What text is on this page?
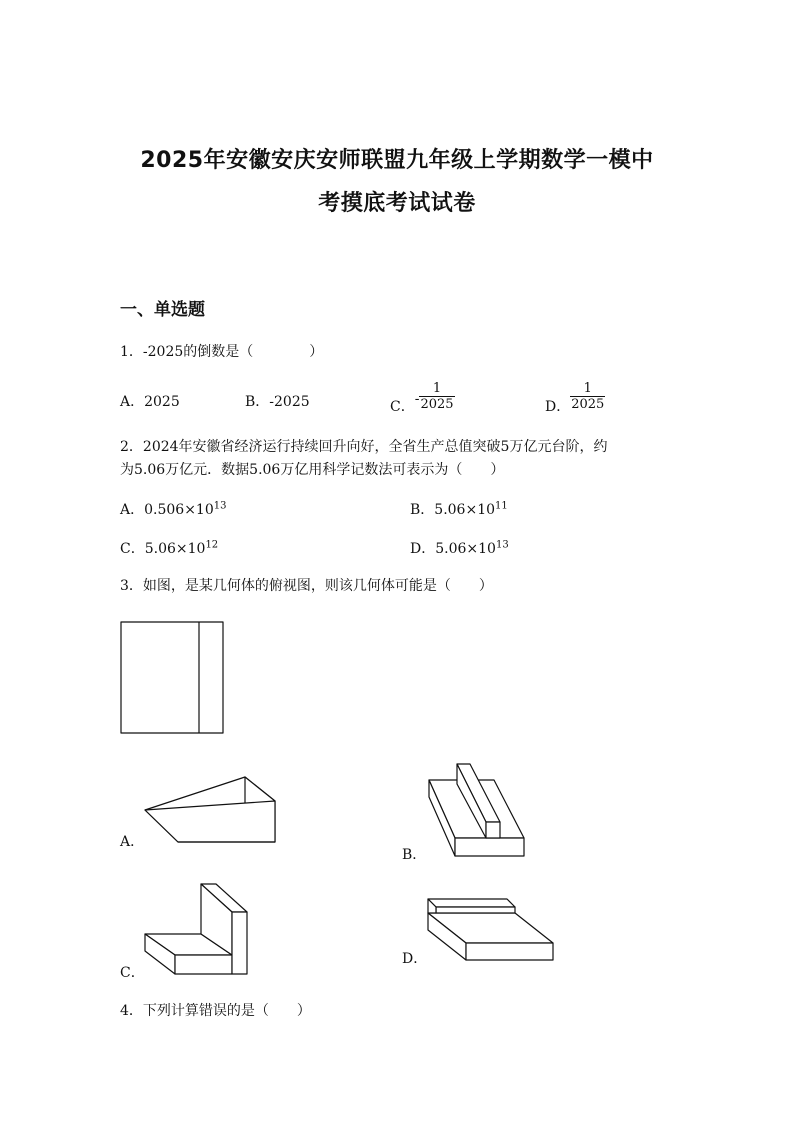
2025年安徽安庆安师联盟九年级上学期数学一模中
考摸底考试试卷
一、单选题
1．-2025的倒数是（　　　　）
A．2025	B．-2025	C．- $\frac{1}{2025}$	D． $\frac{1}{2025}$
2．2024年安徽省经济运行持续回升向好，全省生产总值突破5万亿元台阶，约
为5.06万亿元．数据5.06万亿用科学记数法可表示为（　　）
A．$0.506\times 10^{13}$	B．$5.06\times 10^{11}$
C．$5.06\times 10^{12}$	D．$5.06\times 10^{13}$
3．如图，是某几何体的俯视图，则该几何体可能是（　　）
A．
B．
C．
D．
4．下列计算错误的是（　　）
